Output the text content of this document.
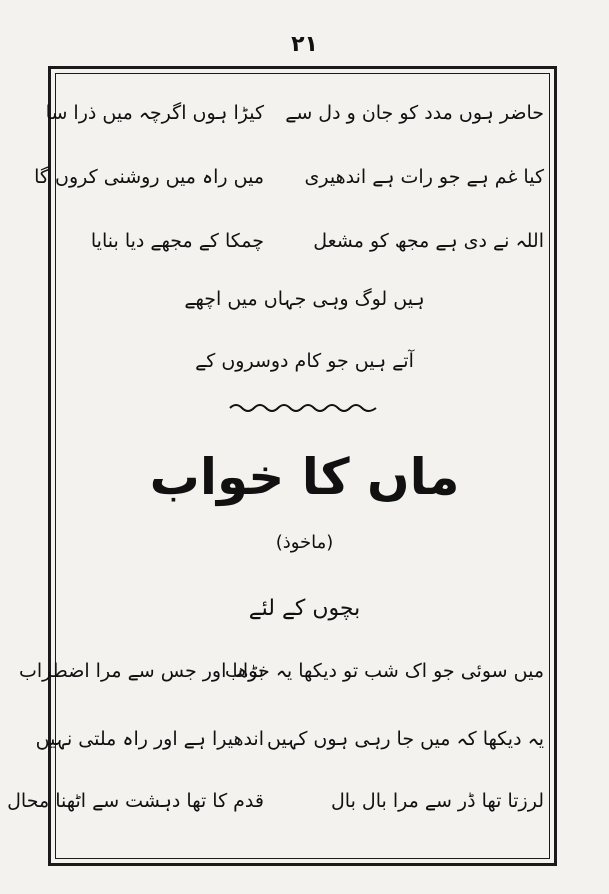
۲۱
حاضر ہوں مدد کو جان و دل سے
کیڑا ہوں اگرچہ میں ذرا سا
کیا غم ہے جو رات ہے اندھیری
میں راہ میں روشنی کروں گا
اللہ نے دی ہے مجھ کو مشعل
چمکا کے مجھے دیا بنایا
ہیں لوگ وہی جہاں میں اچھے
آتے ہیں جو کام دوسروں کے
ماں کا خواب
(ماخوذ)
بچوں کے لئے
میں سوئی جو اک شب تو دیکھا یہ خواب
بڑھا اور جس سے مرا اضطراب
یہ دیکھا کہ میں جا رہی ہوں کہیں
اندھیرا ہے اور راہ ملتی نہیں
لرزتا تھا ڈر سے مرا بال بال
قدم کا تھا دہشت سے اٹھنا محال
